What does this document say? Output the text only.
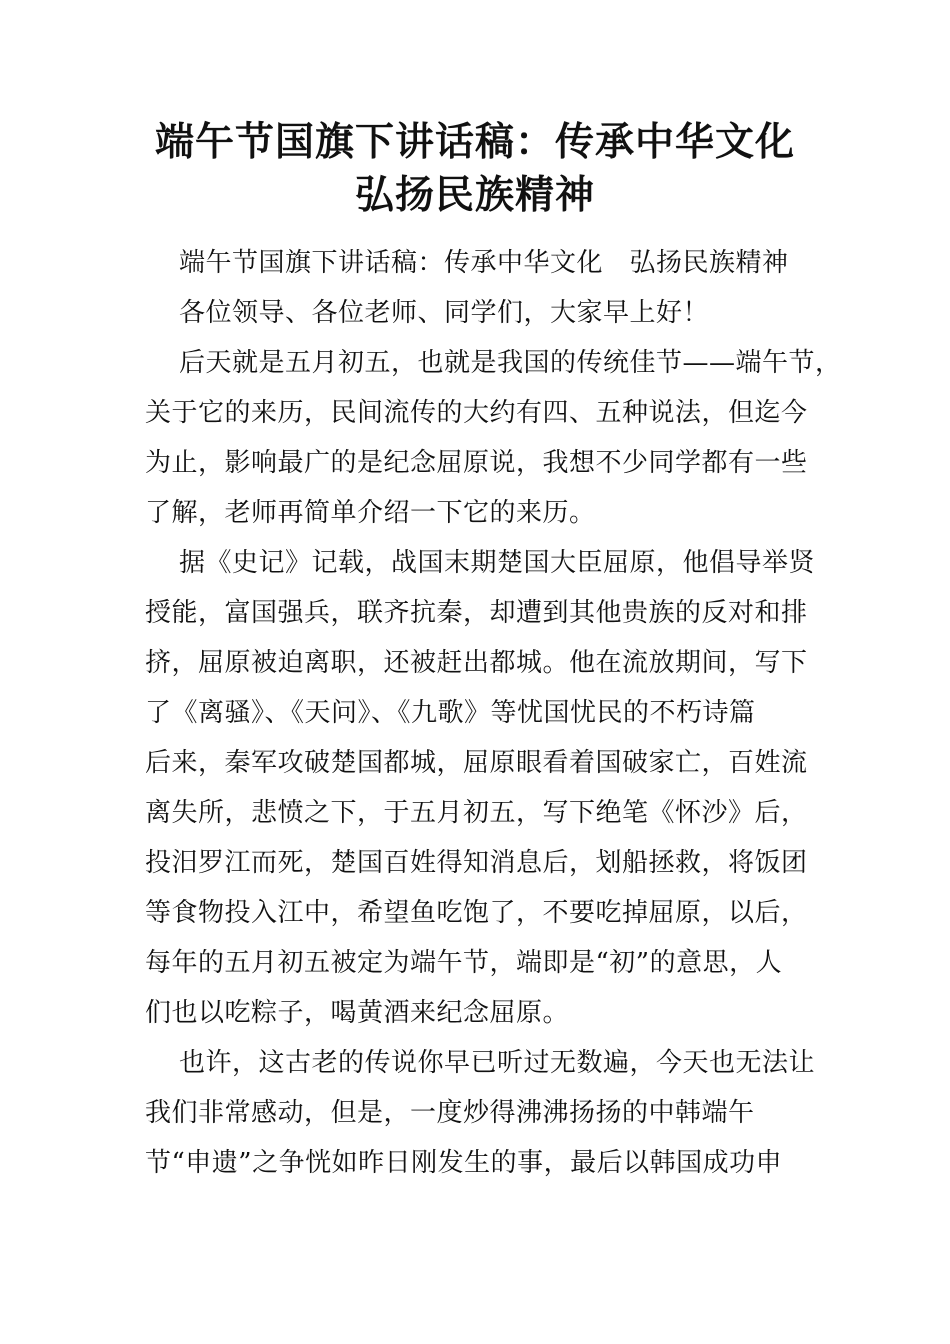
端午节国旗下讲话稿：传承中华文化
弘扬民族精神
端午节国旗下讲话稿：传承中华文化　弘扬民族精神
各位领导、各位老师、同学们，大家早上好！
后天就是五月初五，也就是我国的传统佳节——端午节，
关于它的来历，民间流传的大约有四、五种说法，但迄今
为止，影响最广的是纪念屈原说，我想不少同学都有一些
了解，老师再简单介绍一下它的来历。
据《史记》记载，战国末期楚国大臣屈原，他倡导举贤
授能，富国强兵，联齐抗秦，却遭到其他贵族的反对和排
挤，屈原被迫离职，还被赶出都城。他在流放期间，写下
了《离骚》、《天问》、《九歌》等忧国忧民的不朽诗篇
后来，秦军攻破楚国都城，屈原眼看着国破家亡，百姓流
离失所，悲愤之下，于五月初五，写下绝笔《怀沙》后，
投汨罗江而死，楚国百姓得知消息后，划船拯救，将饭团
等食物投入江中，希望鱼吃饱了，不要吃掉屈原，以后，
每年的五月初五被定为端午节，端即是“初”的意思，人
们也以吃粽子，喝黄酒来纪念屈原。
也许，这古老的传说你早已听过无数遍，今天也无法让
我们非常感动，但是，一度炒得沸沸扬扬的中韩端午
节“申遗”之争恍如昨日刚发生的事，最后以韩国成功申
